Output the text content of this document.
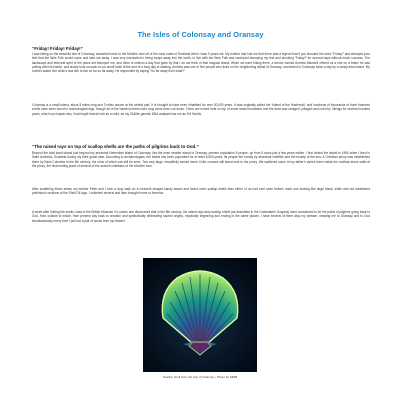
The Isles of Colonsay and Oransay
“Friday! Friday! Friday!”

I was hiking on the beautiful isle of Colonsay, ancestral home to the McAfee clan off of the west coast of Scotland when I was 9 years old. My mother had told me that there was a legend that if you shouted the word “Friday!” and stamped your feet that the Wee Folk would come and take me away. I was very interested in being swept away into the earth, to live with the Wee Folk and continued stomping my feet and shouting “Friday!” for several days without much success. The landscape and ethereal spirit of the place did transport me, and there is seldom a day that goes by that I do not think of that magical island. When we were hiking there, a farmer named Andrew Maxwell offered us a ride on a trailer he was pulling with his tractor, and slowly took us back to our small hotel at the end of a long day of walking. Andrew was one of five people who lived on the neighboring island of Oransay, connected to Colonsay twice a day by a sandy tidal strand. My mother asked him what it was like to live so far so far away. He responded by saying “So far away from what?”

Colonsay is a small island, about 8 miles long and 3 miles across at the widest part. It is thought to have been inhabited for over 30,000 years. It was originally called the “Island of the Hazlenuts” and hundreds of thousands of burnt hazelnut shells have been found in archeological digs, though all of the hazelnut trees have long since been cut down. There are ruined forts on top of some small mountains and the area was ravaged, pillaged and ruled by Vikings for several hundred years, which my explain why I had bright blonde hair as a child, as my 23&Me genetic DNA analysis has me as 3% Nordic.

“The raised rays on top of scallop shells are the paths of pilgrims back to God.”

Beyond the tidal sand strand just beyond my ancestral Hebredian island of Colonsay, lies the even smaller island of Oransay, present population 8 people, up from 5 souls just a few years earlier. I first visited the island in 1960 when I lived in Saint Andrews, Scotland during my third grade year. According to archaeologists, the island has been populated for at least 6,500 years, its people fed mostly by abundant shellfish and the bounty of the sea. A Christian priory was established there by Saint Columba in the 6th century, the ruins of which can still be seen. Two very large, beautifully carved stone Celtic crosses still stand next to the priory. We scattered some of my father’s ashes there inside the roofless stone walls of the priory, the final resting place of several of the ancient chieftains of the McAfee clan.

After scattering those ashes my brother Peter and I took a long walk on a crescent shaped sandy beach and found more scallop shells than either of us had ever seen before; each one looking like large black, white and red weathered prehistoric versions of the Shell Oil logo. I collected several and later brought home to America.

A week after finding the shells I was in the British Museum in London and discovered that in the 8th century, the raised rays atop scallop shells (as described in the Lindesfarne Gospels) were considered to be the paths of pilgrims going back to God, from outside to inside, from present day back to creation and symbolically delineating sacred origins, mystically beginning and ending in the same places. I have several of them atop my dresser, drawing me to Oransay and to God simultaneously every time I pull out a pair of socks from top drawer.

Scallop shell from the Isle of Oransay • Photo by MMB
